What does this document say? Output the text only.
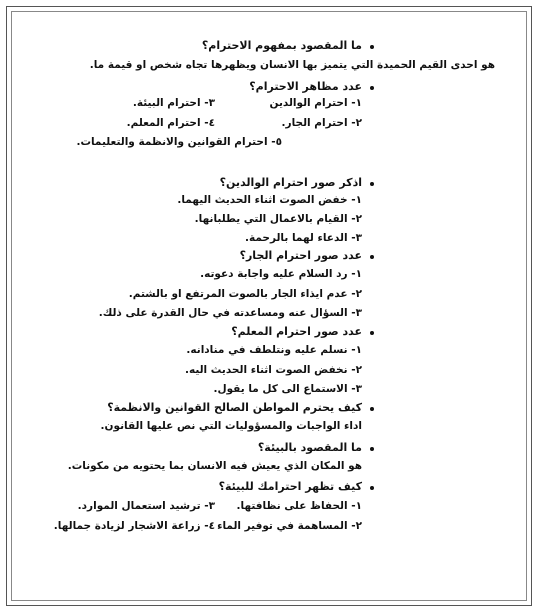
ما المقصود بمفهوم الاحترام؟
هو احدى القيم الحميدة التي يتميز بها الانسان ويظهرها تجاه شخص او قيمة ما.
عدد مظاهر الاحترام؟
١- احترام الوالدين
٣- احترام البيئة.
٢- احترام الجار.
٤- احترام المعلم.
٥- احترام القوانين والانظمة والتعليمات.
اذكر صور احترام الوالدين؟
١- خفض الصوت اثناء الحديث اليهما.
٢- القيام بالاعمال التي يطلبانها.
٣- الدعاء لهما بالرحمة.
عدد صور احترام الجار؟
١- رد السلام عليه واجابة دعوته.
٢- عدم ايذاء الجار بالصوت المرتفع او بالشتم.
٣- السؤال عنه ومساعدته في حال القدرة على ذلك.
عدد صور احترام المعلم؟
١- نسلم عليه ونتلطف في منادانه.
٢- نخفض الصوت اثناء الحديث اليه.
٣- الاستماع الى كل ما يقول.
كيف يحترم المواطن الصالح القوانين والانظمة؟
اداء الواجبات والمسؤوليات التي نص عليها القانون.
ما المقصود بالبيئة؟
هو المكان الذي يعيش فيه الانسان بما يحتويه من مكونات.
كيف تظهر احترامك للبيئة؟
١- الحفاظ على نظافتها.
٣- ترشيد استعمال الموارد.
٢- المساهمة في توفير الماء
٤- زراعة الاشجار لزيادة جمالها.
